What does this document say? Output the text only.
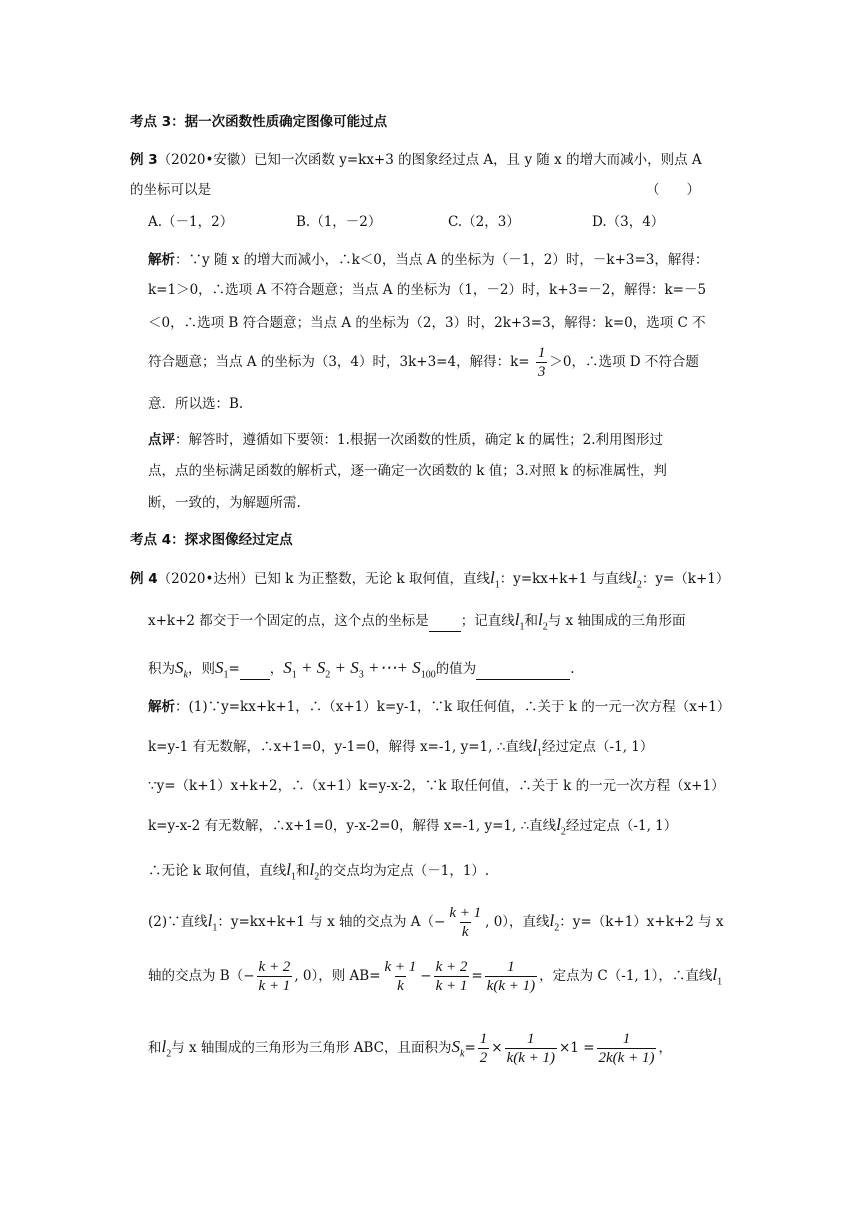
考点 3：据一次函数性质确定图像可能过点
例 3（2020•安徽）已知一次函数 y=kx+3 的图象经过点 A，且 y 随 x 的增大而减小，则点 A
的坐标可以是	（　　）
A.（－1，2）	B.（1，－2）	C.（2，3）	D.（3，4）
解析：∵y 随 x 的增大而减小，∴k＜0，当点 A 的坐标为（－1，2）时，－k+3=3，解得：
k=1＞0，∴选项 A 不符合题意；当点 A 的坐标为（1，－2）时，k+3=－2，解得：k=－5
＜0，∴选项 B 符合题意；当点 A 的坐标为（2，3）时，2k+3=3，解得：k=0，选项 C 不
符合题意；当点 A 的坐标为（3，4）时，3k+3=4，解得：$k= \frac{1}{3} >0$，∴选项 D 不符合题
意．所以选：B.
点评：解答时，遵循如下要领：1.根据一次函数的性质，确定 k 的属性；2.利用图形过
点，点的坐标满足函数的解析式，逐一确定一次函数的 k 值；3.对照 k 的标准属性，判
断，一致的，为解题所需.
考点 4：探求图像经过定点
例 4（2020•达州）已知 k 为正整数，无论 k 取何值，直线$l_1$：y=kx+k+1 与直线$l_2$：y=（k+1）
x+k+2 都交于一个固定的点，这个点的坐标是 ；记直线$l_1$和$l_2$与 x 轴围成的三角形面
积为$S_k$，则$S_1=$ ，$S_1 + S_2 + S_3$ +⋯+ $S_{100}$的值为	.
解析：(1)∵y=kx+k+1，∴（x+1）k=y-1，∵k 取任何值，∴关于 k 的一元一次方程（x+1）
k=y-1 有无数解，∴x+1=0，y-1=0，解得 x=-1, y=1, ∴直线$l_1$经过定点（-1, 1）
∵y=（k+1）x+k+2，∴（x+1）k=y-x-2，∵k 取任何值，∴关于 k 的一元一次方程（x+1）
k=y-x-2 有无数解，∴x+1=0，y-x-2=0，解得 x=-1, y=1, ∴直线$l_2$经过定点（-1, 1）
∴无论 k 取何值，直线$l_1$和$l_2$的交点均为定点（－1，1）.
(2)∵直线$l_1$：y=kx+k+1 与 x 轴的交点为 $A(- \frac{k + 1}{k}$ , 0），直线$l_2$：y=（k+1）x+k+2 与 x
轴的交点为 $B(- \frac{k + 2}{k + 1}$ , 0），则 $AB= \frac{k + 1}{k} - \frac{k + 2}{k + 1} = \frac{1}{k(k + 1)}$ ，定点为 C（-1, 1），∴直线$l_1$
和$l_2$与 x 轴围成的三角形为三角形 ABC，且面积为$S_k= \frac{1}{2} \times \frac{1}{k(k + 1)} \times 1 = \frac{1}{2k(k + 1)}$ ，
